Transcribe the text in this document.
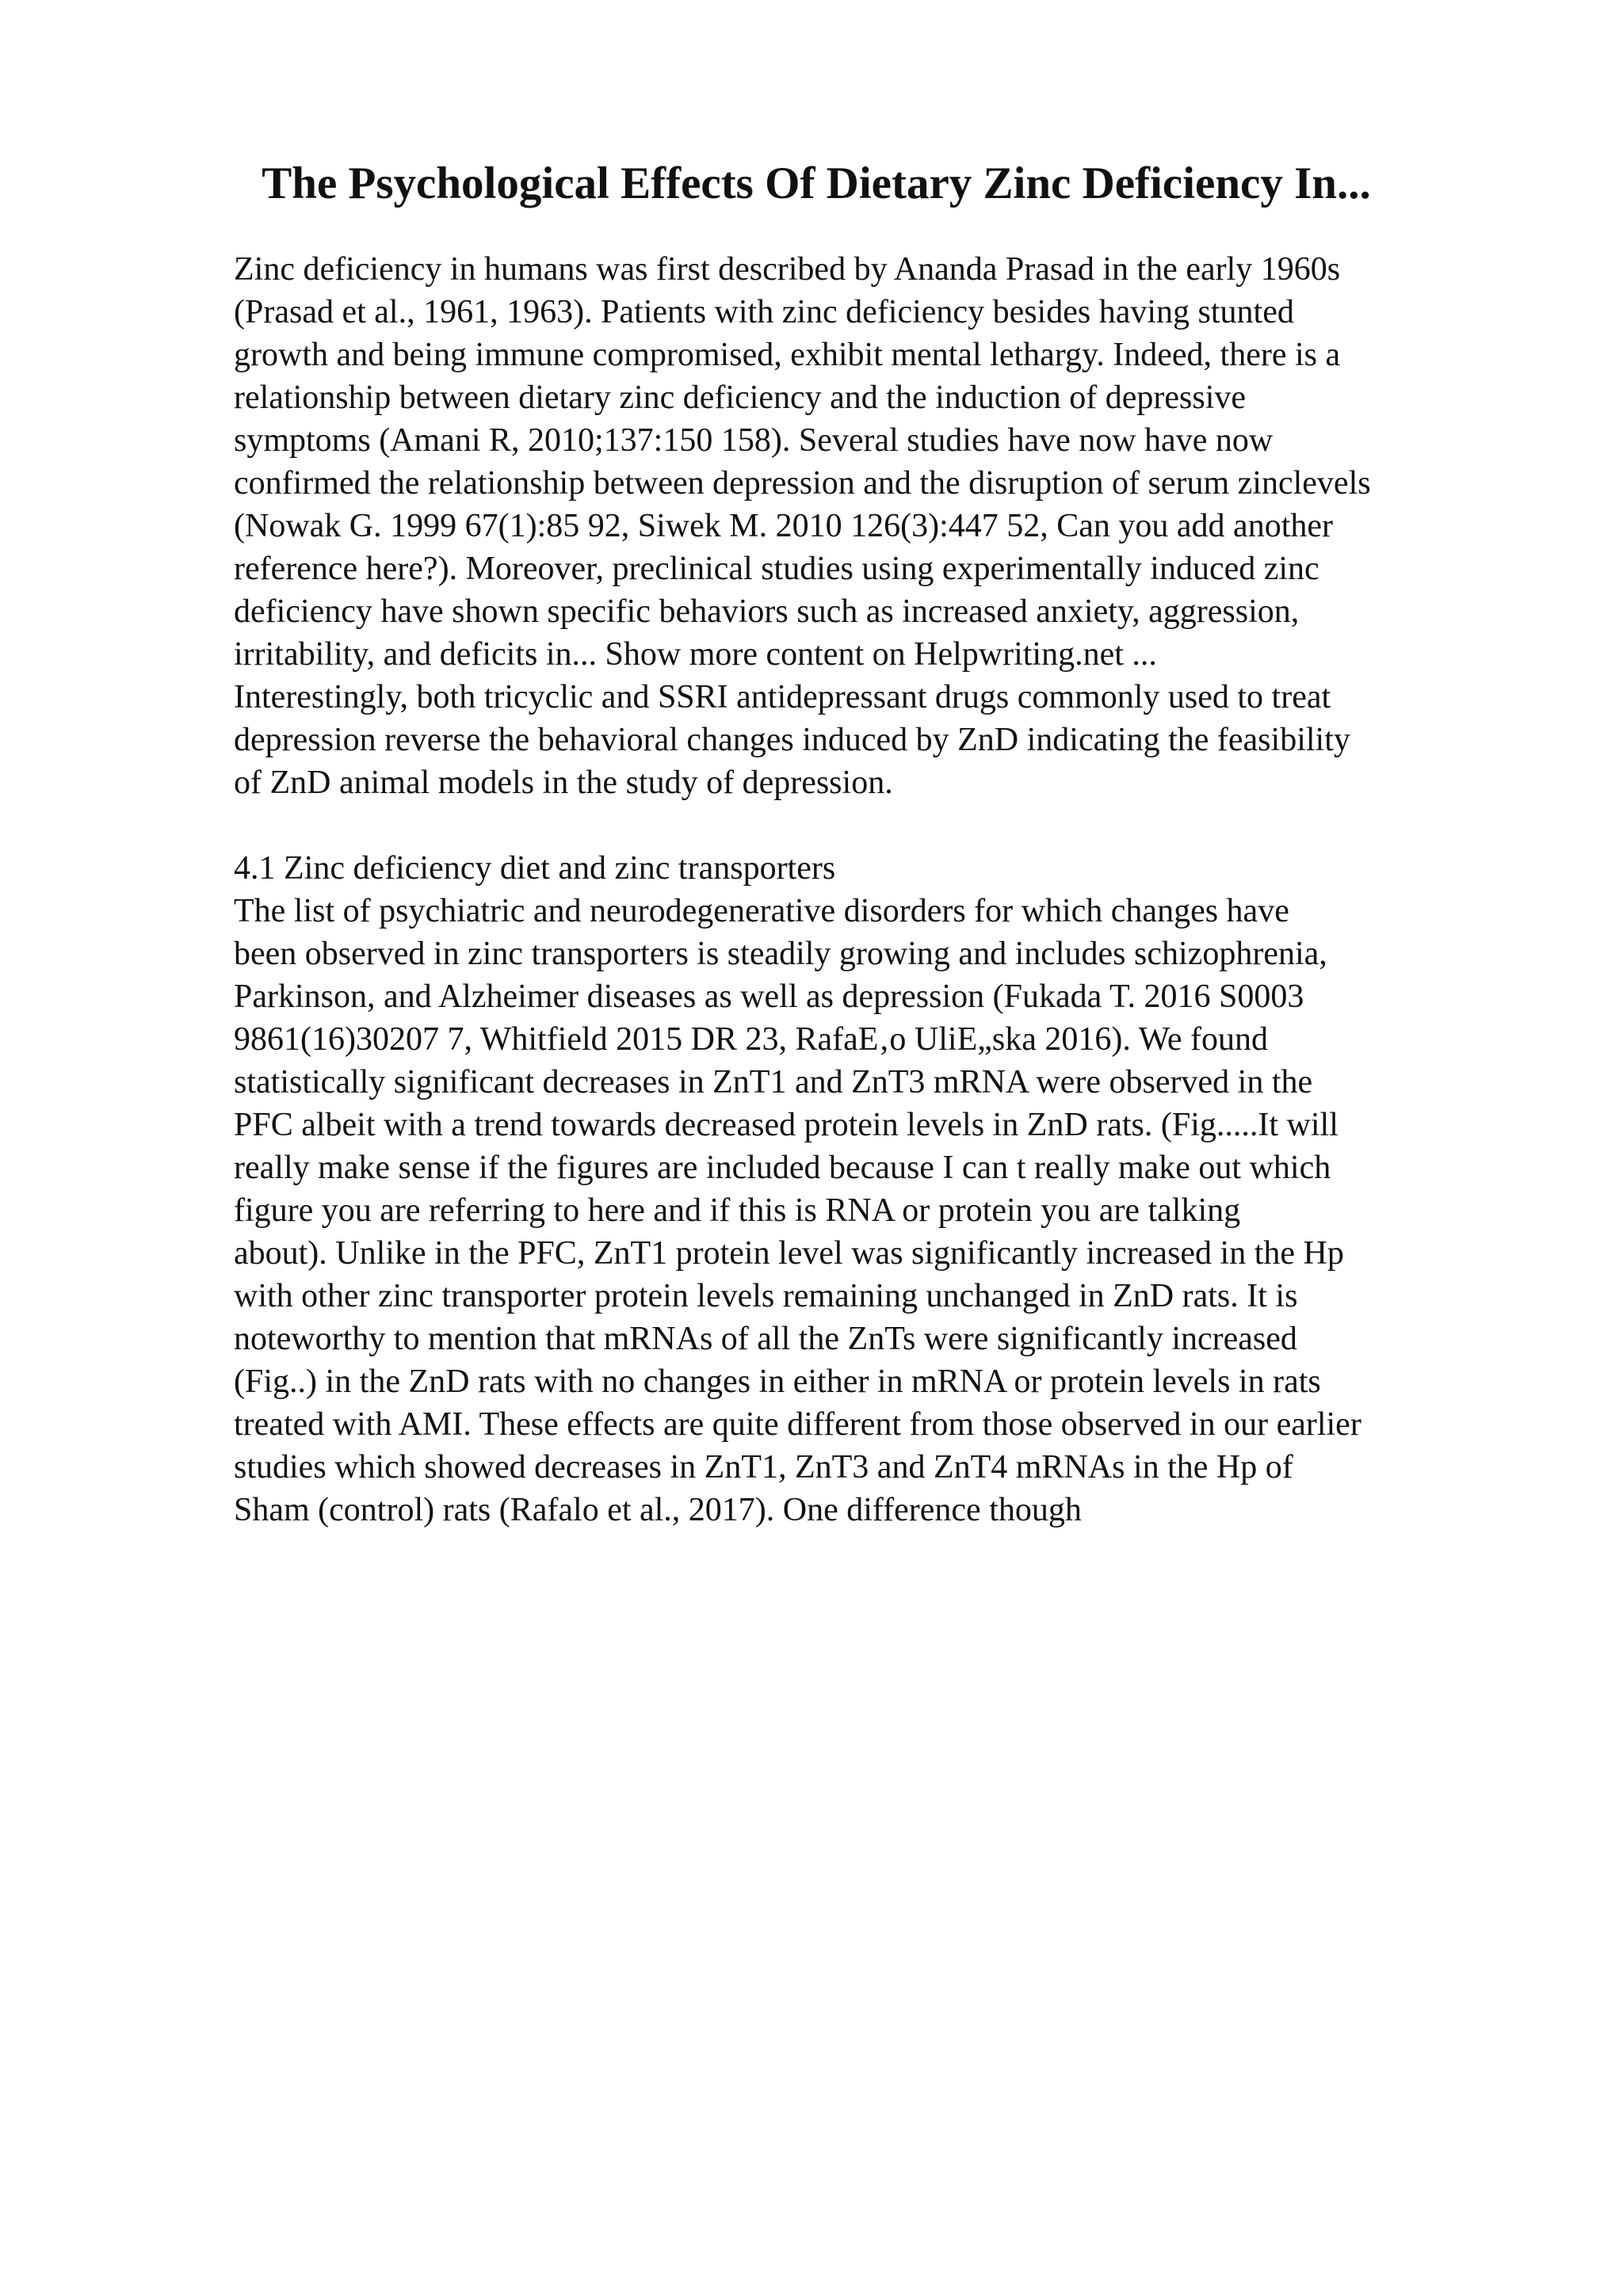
The Psychological Effects Of Dietary Zinc Deficiency In...
Zinc deficiency in humans was first described by Ananda Prasad in the early 1960s
(Prasad et al., 1961, 1963). Patients with zinc deficiency besides having stunted
growth and being immune compromised, exhibit mental lethargy. Indeed, there is a
relationship between dietary zinc deficiency and the induction of depressive
symptoms (Amani R, 2010;137:150 158). Several studies have now have now
confirmed the relationship between depression and the disruption of serum zinclevels
(Nowak G. 1999 67(1):85 92, Siwek M. 2010 126(3):447 52, Can you add another
reference here?). Moreover, preclinical studies using experimentally induced zinc
deficiency have shown specific behaviors such as increased anxiety, aggression,
irritability, and deficits in... Show more content on Helpwriting.net ...
Interestingly, both tricyclic and SSRI antidepressant drugs commonly used to treat
depression reverse the behavioral changes induced by ZnD indicating the feasibility
of ZnD animal models in the study of depression.
4.1 Zinc deficiency diet and zinc transporters
The list of psychiatric and neurodegenerative disorders for which changes have
been observed in zinc transporters is steadily growing and includes schizophrenia,
Parkinson, and Alzheimer diseases as well as depression (Fukada T. 2016 S0003
9861(16)30207 7, Whitfield 2015 DR 23, RafaE‚o UliE„ska 2016). We found
statistically significant decreases in ZnT1 and ZnT3 mRNA were observed in the
PFC albeit with a trend towards decreased protein levels in ZnD rats. (Fig.....It will
really make sense if the figures are included because I can t really make out which
figure you are referring to here and if this is RNA or protein you are talking
about). Unlike in the PFC, ZnT1 protein level was significantly increased in the Hp
with other zinc transporter protein levels remaining unchanged in ZnD rats. It is
noteworthy to mention that mRNAs of all the ZnTs were significantly increased
(Fig..) in the ZnD rats with no changes in either in mRNA or protein levels in rats
treated with AMI. These effects are quite different from those observed in our earlier
studies which showed decreases in ZnT1, ZnT3 and ZnT4 mRNAs in the Hp of
Sham (control) rats (Rafalo et al., 2017). One difference though
